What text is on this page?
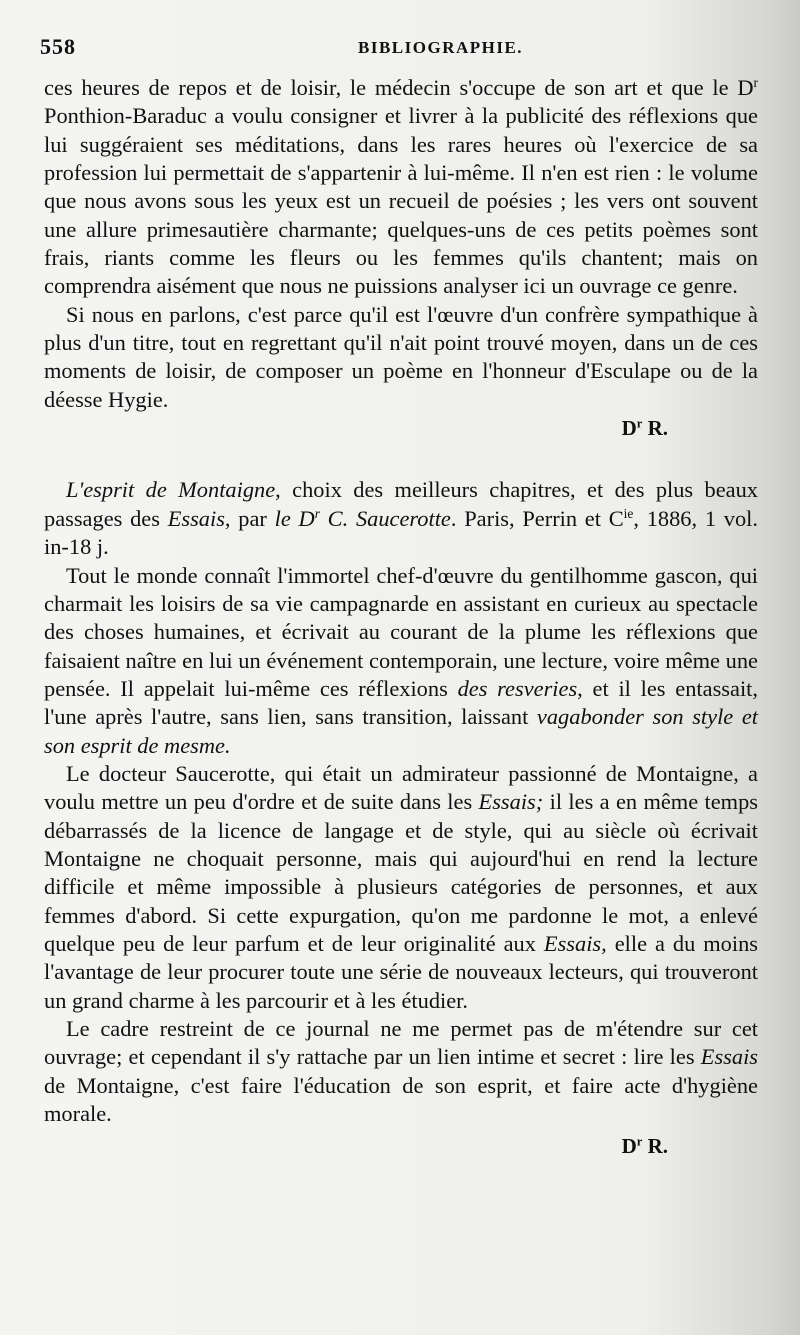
558	BIBLIOGRAPHIE.

ces heures de repos et de loisir, le médecin s'occupe de son art et que le $D^r$ Ponthion-Baraduc a voulu consigner et livrer à la publicité des réflexions que lui suggéraient ses méditations, dans les rares heures où l'exercice de sa profession lui permettait de s'appartenir à lui-même. Il n'en est rien : le volume que nous avons sous les yeux est un recueil de poésies ; les vers ont souvent une allure primesautière charmante; quelques-uns de ces petits poèmes sont frais, riants comme les fleurs ou les femmes qu'ils chantent; mais on comprendra aisément que nous ne puissions analyser ici un ouvrage ce genre.

Si nous en parlons, c'est parce qu'il est l'œuvre d'un confrère sympathique à plus d'un titre, tout en regrettant qu'il n'ait point trouvé moyen, dans un de ces moments de loisir, de composer un poème en l'honneur d'Esculape ou de la déesse Hygie.

$D^r$ R.

L'esprit de Montaigne, choix des meilleurs chapitres, et des plus beaux passages des Essais, par le $D^r$ C. Saucerotte. Paris, Perrin et $C^{ie}$, 1886, 1 vol. in-18 j.

Tout le monde connaît l'immortel chef-d'œuvre du gentilhomme gascon, qui charmait les loisirs de sa vie campagnarde en assistant en curieux au spectacle des choses humaines, et écrivait au courant de la plume les réflexions que faisaient naître en lui un événement contemporain, une lecture, voire même une pensée. Il appelait lui-même ces réflexions des resveries, et il les entassait, l'une après l'autre, sans lien, sans transition, laissant vagabonder son style et son esprit de mesme.

Le docteur Saucerotte, qui était un admirateur passionné de Montaigne, a voulu mettre un peu d'ordre et de suite dans les Essais; il les a en même temps débarrassés de la licence de langage et de style, qui au siècle où écrivait Montaigne ne choquait personne, mais qui aujourd'hui en rend la lecture difficile et même impossible à plusieurs catégories de personnes, et aux femmes d'abord. Si cette expurgation, qu'on me pardonne le mot, a enlevé quelque peu de leur parfum et de leur originalité aux Essais, elle a du moins l'avantage de leur procurer toute une série de nouveaux lecteurs, qui trouveront un grand charme à les parcourir et à les étudier.

Le cadre restreint de ce journal ne me permet pas de m'étendre sur cet ouvrage; et cependant il s'y rattache par un lien intime et secret : lire les Essais de Montaigne, c'est faire l'éducation de son esprit, et faire acte d'hygiène morale.

$D^r$ R.
